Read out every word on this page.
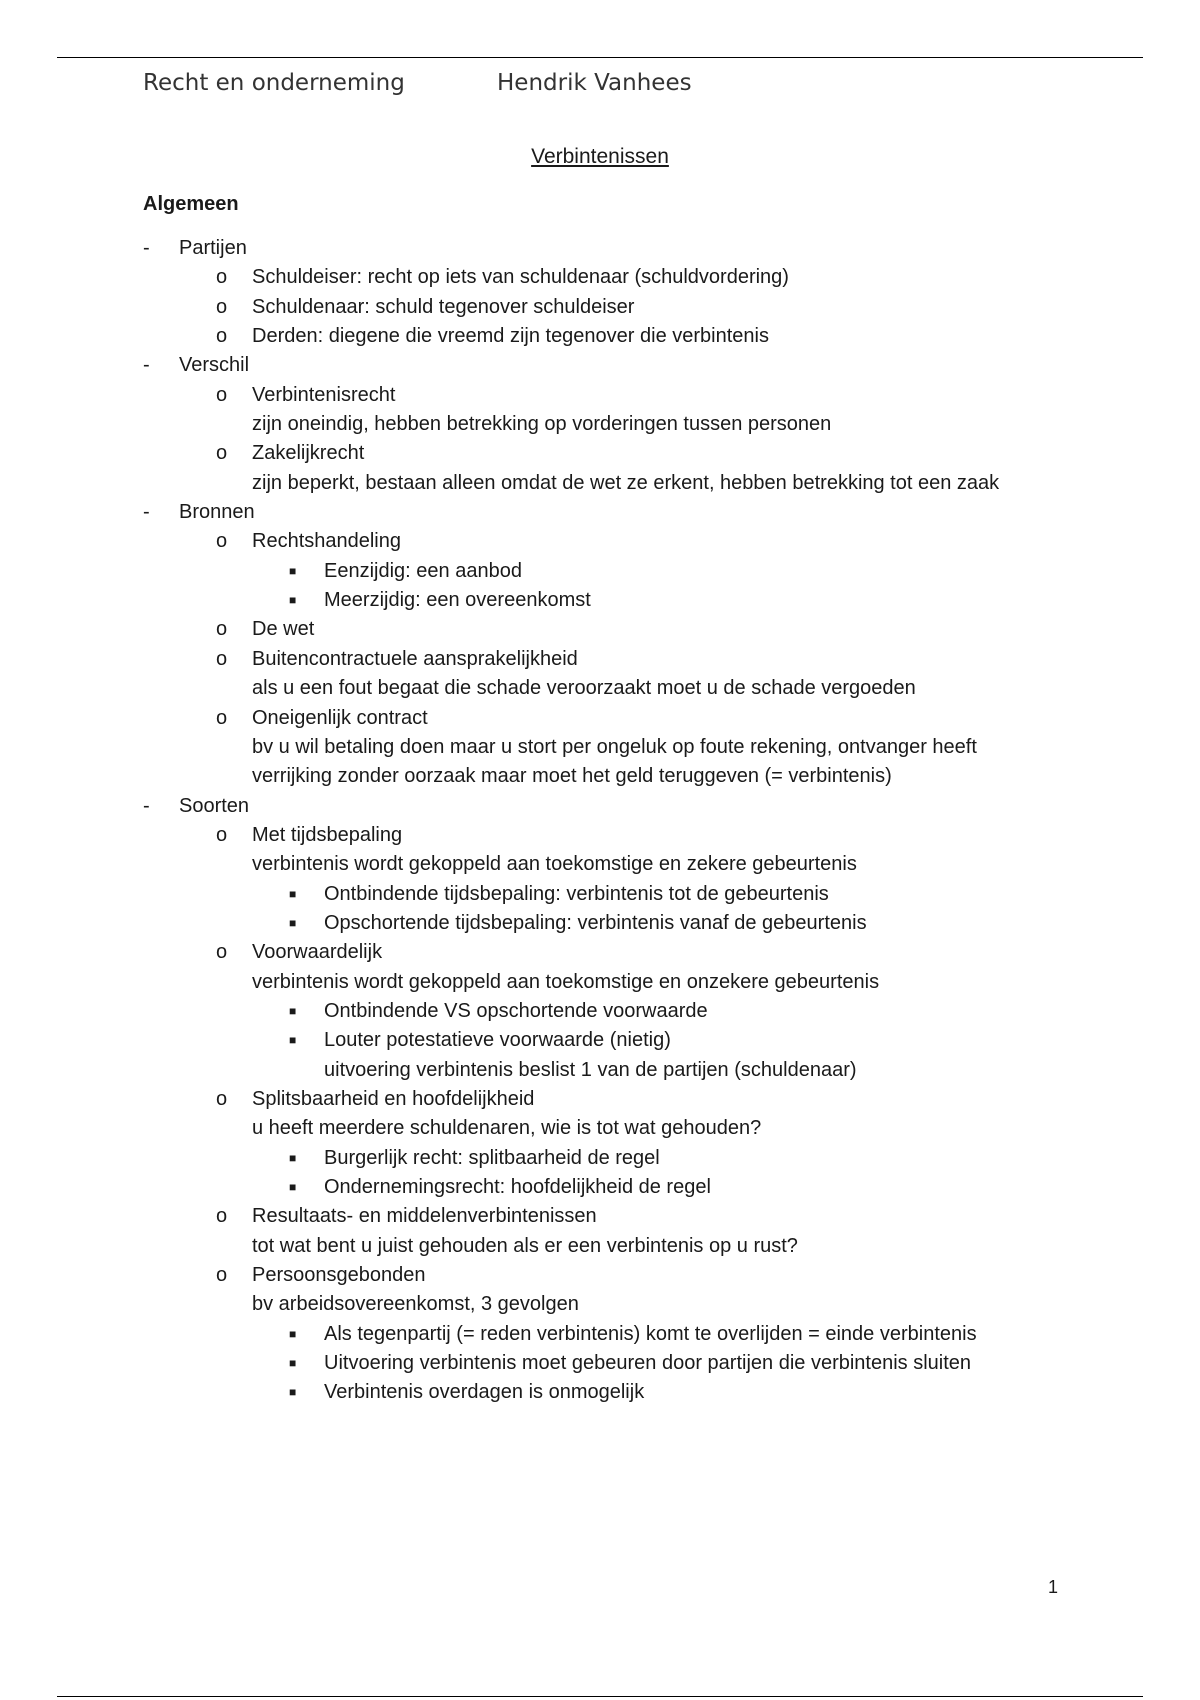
Recht en onderneming	Hendrik Vanhees
Verbintenissen
Algemeen
- Partijen
o Schuldeiser: recht op iets van schuldenaar (schuldvordering)
o Schuldenaar: schuld tegenover schuldeiser
o Derden: diegene die vreemd zijn tegenover die verbintenis
- Verschil
o Verbintenisrecht
zijn oneindig, hebben betrekking op vorderingen tussen personen
o Zakelijkrecht
zijn beperkt, bestaan alleen omdat de wet ze erkent, hebben betrekking tot een zaak
- Bronnen
o Rechtshandeling
■ Eenzijdig: een aanbod
■ Meerzijdig: een overeenkomst
o De wet
o Buitencontractuele aansprakelijkheid
als u een fout begaat die schade veroorzaakt moet u de schade vergoeden
o Oneigenlijk contract
bv u wil betaling doen maar u stort per ongeluk op foute rekening, ontvanger heeft
verrijking zonder oorzaak maar moet het geld teruggeven (= verbintenis)
- Soorten
o Met tijdsbepaling
verbintenis wordt gekoppeld aan toekomstige en zekere gebeurtenis
■ Ontbindende tijdsbepaling: verbintenis tot de gebeurtenis
■ Opschortende tijdsbepaling: verbintenis vanaf de gebeurtenis
o Voorwaardelijk
verbintenis wordt gekoppeld aan toekomstige en onzekere gebeurtenis
■ Ontbindende VS opschortende voorwaarde
■ Louter potestatieve voorwaarde (nietig)
uitvoering verbintenis beslist 1 van de partijen (schuldenaar)
o Splitsbaarheid en hoofdelijkheid
u heeft meerdere schuldenaren, wie is tot wat gehouden?
■ Burgerlijk recht: splitbaarheid de regel
■ Ondernemingsrecht: hoofdelijkheid de regel
o Resultaats- en middelenverbintenissen
tot wat bent u juist gehouden als er een verbintenis op u rust?
o Persoonsgebonden
bv arbeidsovereenkomst, 3 gevolgen
■ Als tegenpartij (= reden verbintenis) komt te overlijden = einde verbintenis
■ Uitvoering verbintenis moet gebeuren door partijen die verbintenis sluiten
■ Verbintenis overdagen is onmogelijk
1
